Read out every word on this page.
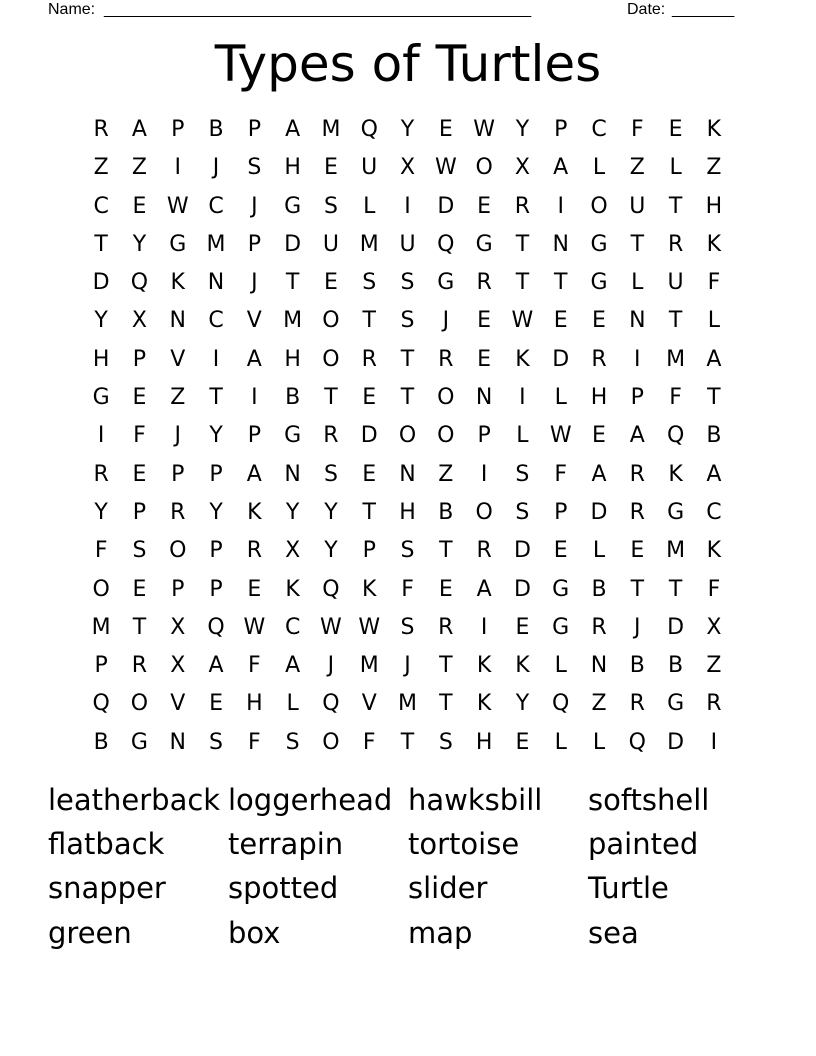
Name: ________________________________________________	Date: _______
Types of Turtles
R A P B P A M Q Y E W Y P C F E K
Z Z I J S H E U X W O X A L Z L Z
C E W C J G S L I D E R I O U T H
T Y G M P D U M U Q G T N G T R K
D Q K N J T E S S G R T T G L U F
Y X N C V M O T S J E W E E N T L
H P V I A H O R T R E K D R I M A
G E Z T I B T E T O N I L H P F T
I F J Y P G R D O O P L W E A Q B
R E P P A N S E N Z I S F A R K A
Y P R Y K Y Y T H B O S P D R G C
F S O P R X Y P S T R D E L E M K
O E P P E K Q K F E A D G B T T F
M T X Q W C W W S R I E G R J D X
P R X A F A J M J T K K L N B B Z
Q O V E H L Q V M T K Y Q Z R G R
B G N S F S O F T S H E L L Q D I
leatherback loggerhead hawksbill softshell
flatback terrapin tortoise painted
snapper spotted slider	Turtle
green	box	map	sea
